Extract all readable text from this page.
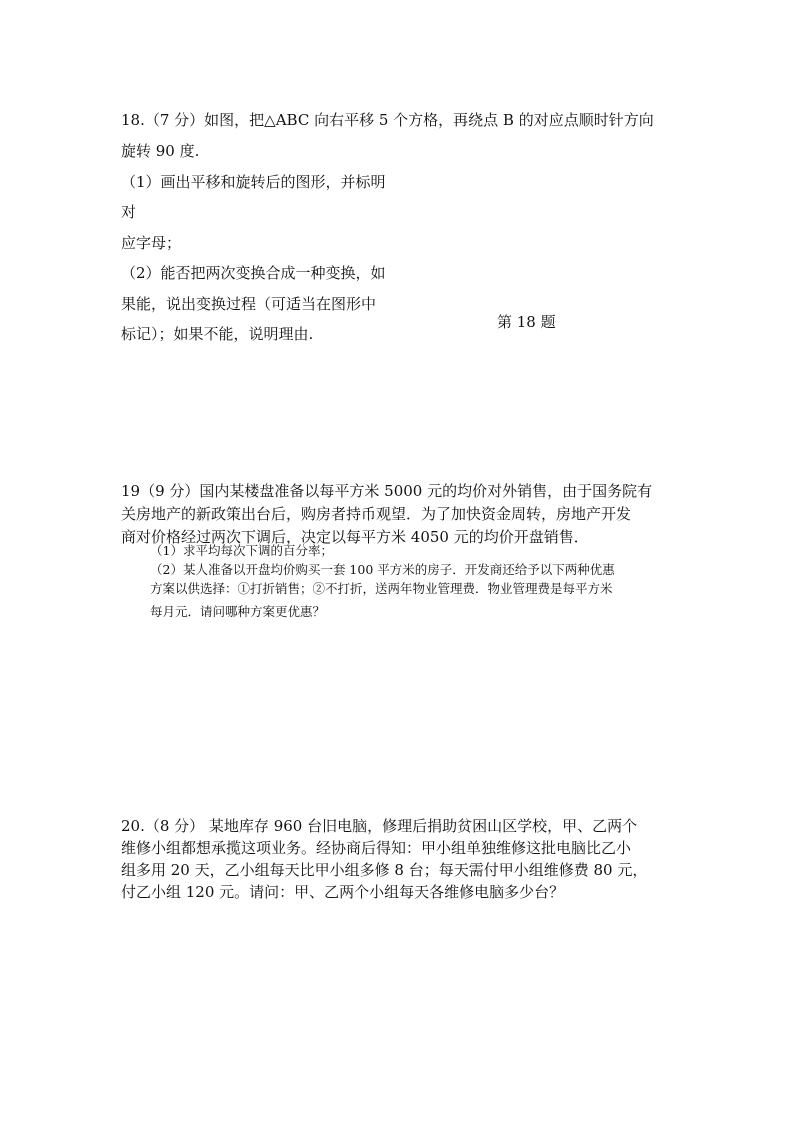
18.（7 分）如图，把△ABC 向右平移 5 个方格，再绕点 B 的对应点顺时针方向
旋转 90 度.
（1）画出平移和旋转后的图形，并标明
对
应字母；
（2）能否把两次变换合成一种变换，如
果能，说出变换过程（可适当在图形中
标记）；如果不能，说明理由.
第 18 题
19（9 分）国内某楼盘准备以每平方米 5000 元的均价对外销售，由于国务院有
关房地产的新政策出台后，购房者持币观望．为了加快资金周转，房地产开发
商对价格经过两次下调后，决定以每平方米 4050 元的均价开盘销售．
（1）求平均每次下调的百分率；
（2）某人准备以开盘均价购买一套 100 平方米的房子．开发商还给予以下两种优惠
方案以供选择：①打折销售；②不打折，送两年物业管理费．物业管理费是每平方米
每月元．请问哪种方案更优惠？
20.（8 分） 某地库存 960 台旧电脑，修理后捐助贫困山区学校，甲、乙两个
维修小组都想承揽这项业务。经协商后得知：甲小组单独维修这批电脑比乙小
组多用 20 天，乙小组每天比甲小组多修 8 台；每天需付甲小组维修费 80 元，
付乙小组 120 元。请问：甲、乙两个小组每天各维修电脑多少台？
